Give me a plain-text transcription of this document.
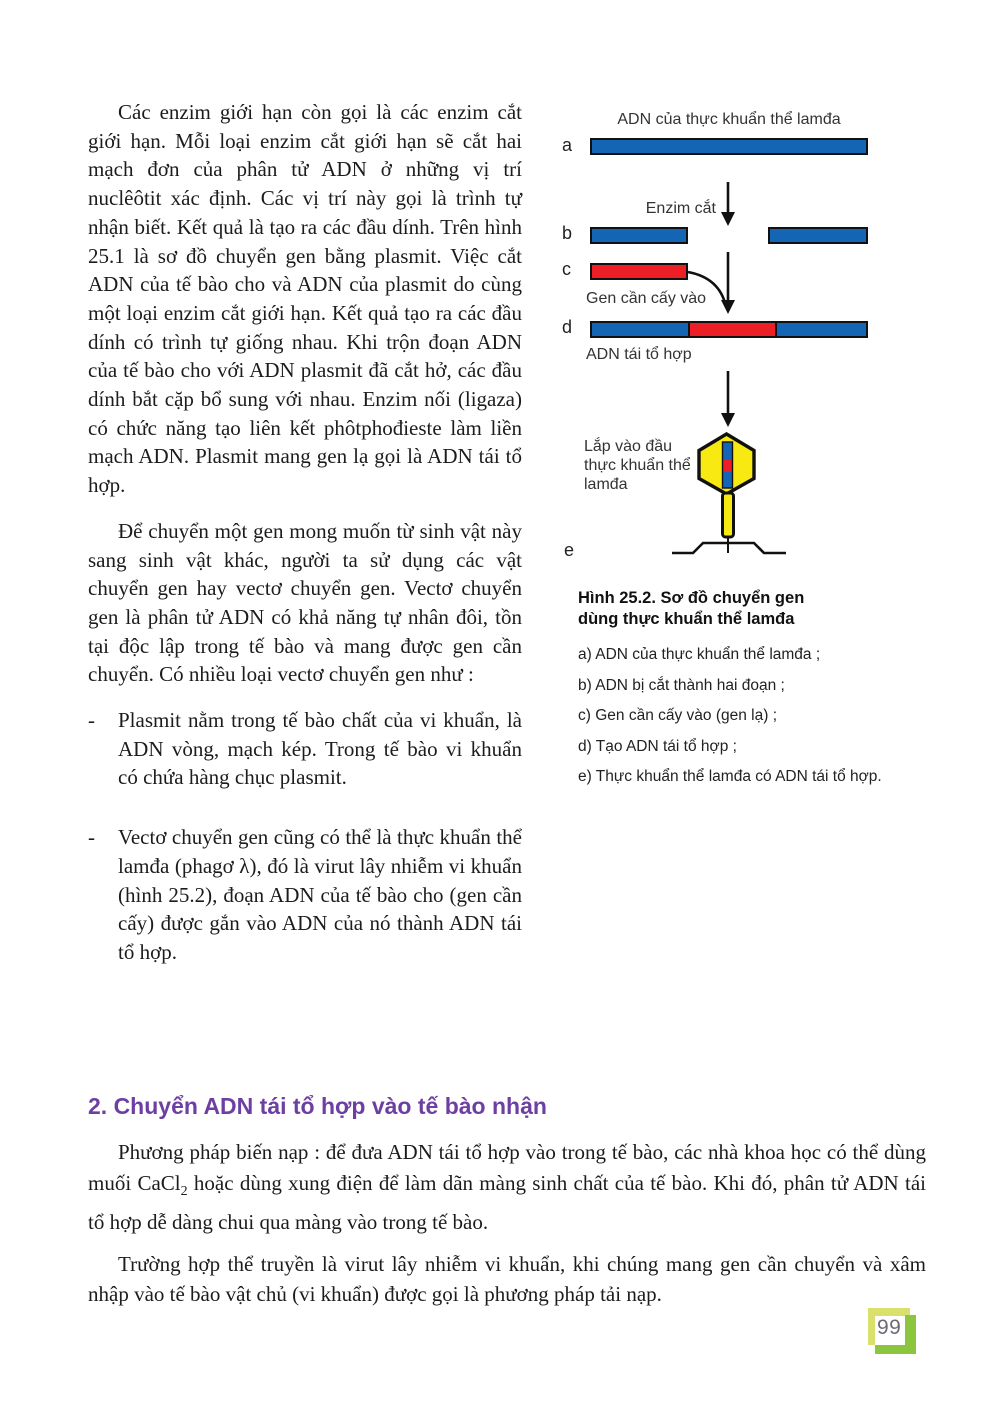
Các enzim giới hạn còn gọi là các enzim cắt giới hạn. Mỗi loại enzim cắt giới hạn sẽ cắt hai mạch đơn của phân tử ADN ở những vị trí nuclêôtit xác định. Các vị trí này gọi là trình tự nhận biết. Kết quả là tạo ra các đầu dính. Trên hình 25.1 là sơ đồ chuyển gen bằng plasmit. Việc cắt ADN của tế bào cho và ADN của plasmit do cùng một loại enzim cắt giới hạn. Kết quả tạo ra các đầu dính có trình tự giống nhau. Khi trộn đoạn ADN của tế bào cho với ADN plasmit đã cắt hở, các đầu dính bắt cặp bổ sung với nhau. Enzim nối (ligaza) có chức năng tạo liên kết phôtphođieste làm liền mạch ADN. Plasmit mang gen lạ gọi là ADN tái tổ hợp.

Để chuyển một gen mong muốn từ sinh vật này sang sinh vật khác, người ta sử dụng các vật chuyển gen hay vectơ chuyển gen. Vectơ chuyển gen là phân tử ADN có khả năng tự nhân đôi, tồn tại độc lập trong tế bào và mang được gen cần chuyển. Có nhiều loại vectơ chuyển gen như :

-	Plasmit nằm trong tế bào chất của vi khuẩn, là ADN vòng, mạch kép. Trong tế bào vi khuẩn có chứa hàng chục plasmit.

-	Vectơ chuyển gen cũng có thể là thực khuẩn thể lamđa (phagơ λ), đó là virut lây nhiễm vi khuẩn (hình 25.2), đoạn ADN của tế bào cho (gen cần cấy) được gắn vào ADN của nó thành ADN tái tổ hợp.

ADN của thực khuẩn thể lamđa
a
Enzim cắt
b
c
Gen cần cấy vào
d
ADN tái tổ hợp
Lắp vào đầu
thực khuẩn thể
lamđa
e
Hình 25.2. Sơ đồ chuyển gen
dùng thực khuẩn thể lamđa
a) ADN của thực khuẩn thể lamđa ;
b) ADN bị cắt thành hai đoạn ;
c) Gen cần cấy vào (gen lạ) ;
d) Tạo ADN tái tổ hợp ;
e) Thực khuẩn thể lamđa có ADN tái tổ hợp.
2. Chuyển ADN tái tổ hợp vào tế bào nhận

Phương pháp biến nạp : để đưa ADN tái tổ hợp vào trong tế bào, các nhà khoa học có thể dùng muối CaCl$_2$ hoặc dùng xung điện để làm dãn màng sinh chất của tế bào. Khi đó, phân tử ADN tái tổ hợp dễ dàng chui qua màng vào trong tế bào.

Trường hợp thể truyền là virut lây nhiễm vi khuẩn, khi chúng mang gen cần chuyển và xâm nhập vào tế bào vật chủ (vi khuẩn) được gọi là phương pháp tải nạp.

99
